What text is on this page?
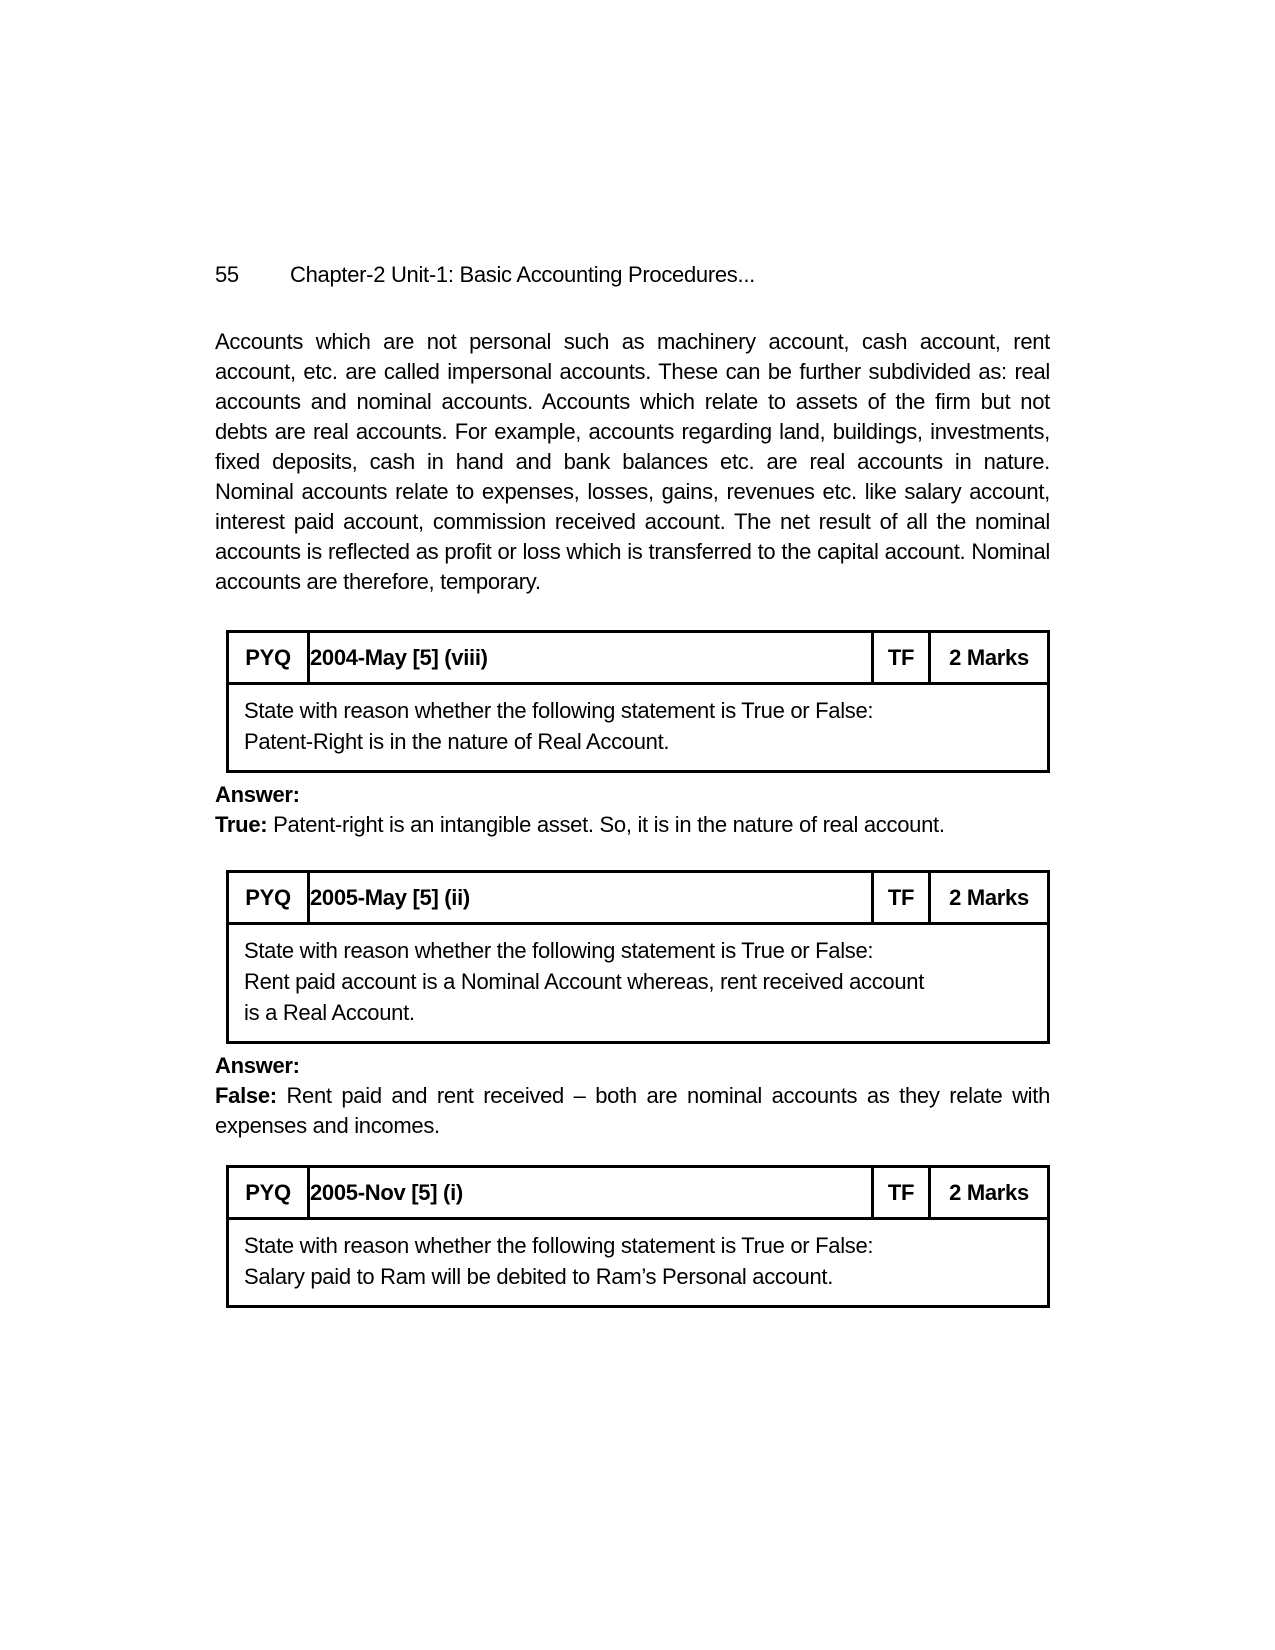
55	Chapter-2 Unit-1: Basic Accounting Procedures...

Accounts which are not personal such as machinery account, cash account, rent account, etc. are called impersonal accounts. These can be further subdivided as: real accounts and nominal accounts. Accounts which relate to assets of the firm but not debts are real accounts. For example, accounts regarding land, buildings, investments, fixed deposits, cash in hand and bank balances etc. are real accounts in nature. Nominal accounts relate to expenses, losses, gains, revenues etc. like salary account, interest paid account, commission received account. The net result of all the nominal accounts is reflected as profit or loss which is transferred to the capital account. Nominal accounts are therefore, temporary.

PYQ	2004-May [5] (viii)	TF	2 Marks

State with reason whether the following statement is True or False:
Patent-Right is in the nature of Real Account.

Answer:

True: Patent-right is an intangible asset. So, it is in the nature of real account.

PYQ	2005-May [5] (ii)	TF	2 Marks

State with reason whether the following statement is True or False:
Rent paid account is a Nominal Account whereas, rent received account
is a Real Account.

Answer:

False: Rent paid and rent received – both are nominal accounts as they relate with expenses and incomes.

PYQ	2005-Nov [5] (i)	TF	2 Marks

State with reason whether the following statement is True or False:
Salary paid to Ram will be debited to Ram’s Personal account.
